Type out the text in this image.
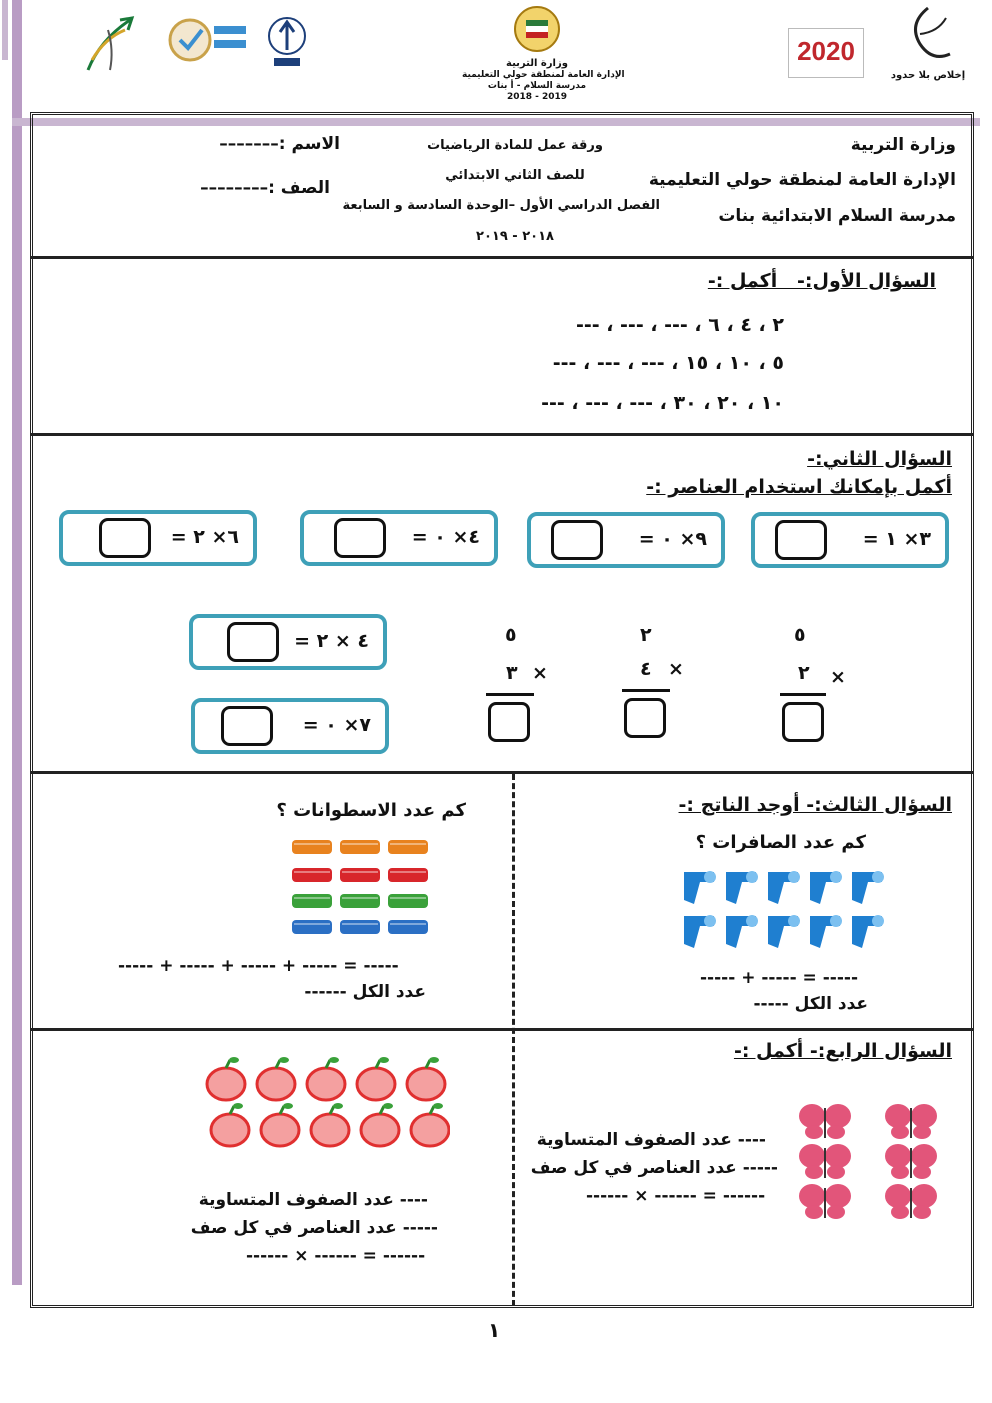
وزارة التربية
الإدارة العامة لمنطقة حولي التعليمية
مدرسة السلام - أ بنات
2018 - 2019
2020
إخلاص بلا حدود
وزارة التربية
الإدارة العامة لمنطقة حولي التعليمية
مدرسة السلام الابتدائية بنات
ورقة عمل للمادة الرياضيات
للصف الثاني الابتدائي
الفصل الدراسي الأول –الوحدة السادسة و السابعة
٢٠١٨ - ٢٠١٩
الاسم :–––––––
الصف :––––––––
السؤال الأول:-   أكمل :-
٢ ، ٤ ، ٦ ، --- ، --- ، ---
٥ ، ١٠ ، ١٥ ، --- ، --- ، ---
١٠ ، ٢٠ ، ٣٠ ، --- ، --- ، ---
السؤال الثاني:-
أكمل بإمكانك استخدام العناصر :-
٣× ١ =
٩× ٠ =
٤× ٠ =
٦× ٢ =
٤ × ٢ =
٧× ٠ =
٥
٢ ×
٢
٤ ×
٥
٣ ×
السؤال الثالث:- أوجد الناتج :-
كم عدد الصافرات ؟
----- + ----- = -----
عدد الكل -----
كم عدد الاسطوانات ؟
----- + ----- + ----- + ----- = -----
عدد الكل ------
السؤال الرابع:- أكمل :-
---- عدد الصفوف المتساوية
----- عدد العناصر في كل صف
------ × ------ = ------
---- عدد الصفوف المتساوية
----- عدد العناصر في كل صف
------ × ------ = ------
١
